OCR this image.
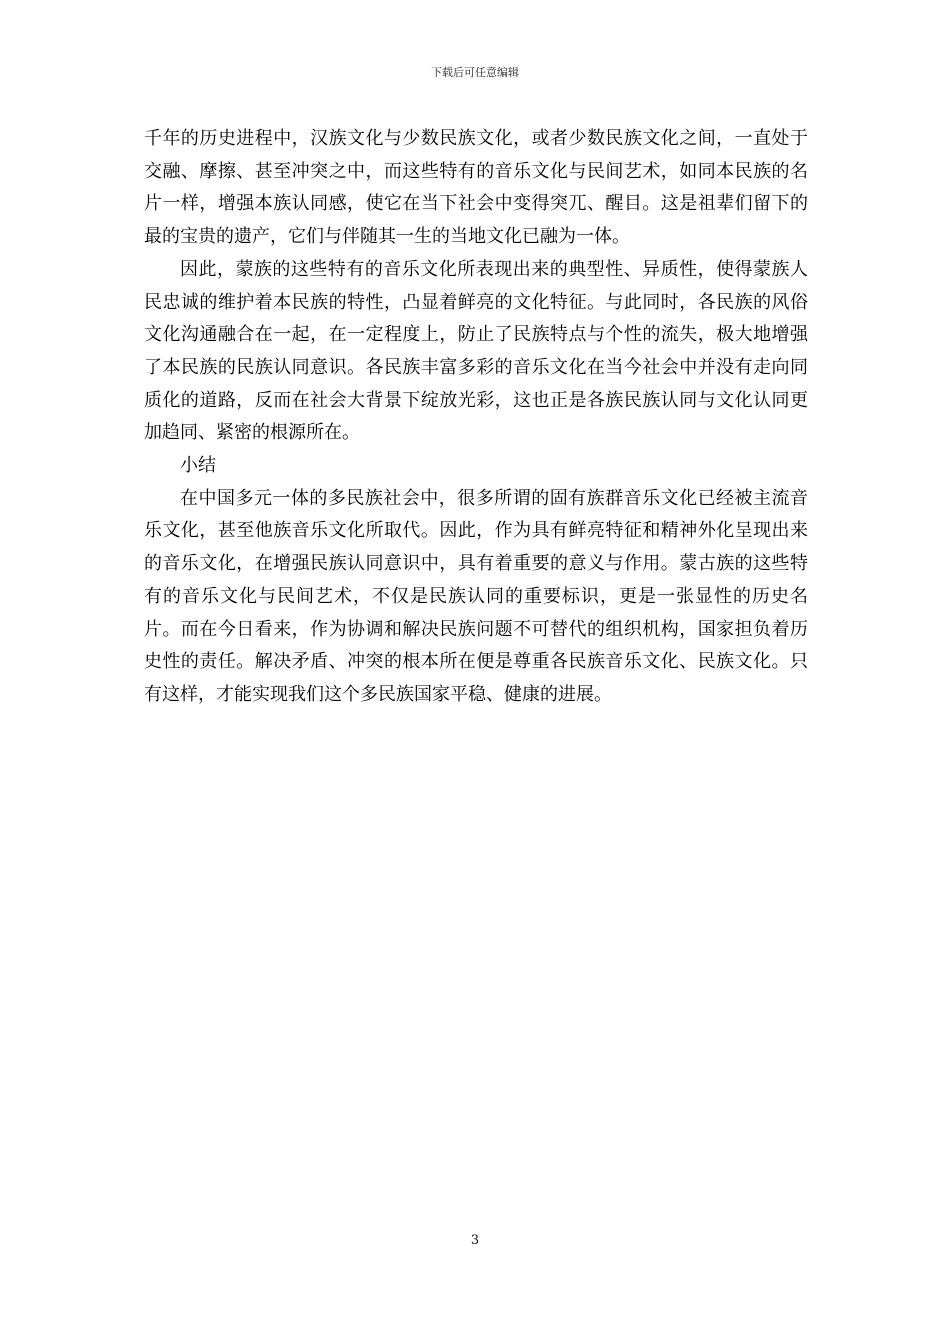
下载后可任意编辑

千年的历史进程中，汉族文化与少数民族文化，或者少数民族文化之间，一直处于交融、摩擦、甚至冲突之中，而这些特有的音乐文化与民间艺术，如同本民族的名片一样，增强本族认同感，使它在当下社会中变得突兀、醒目。这是祖辈们留下的最的宝贵的遗产，它们与伴随其一生的当地文化已融为一体。

因此，蒙族的这些特有的音乐文化所表现出来的典型性、异质性，使得蒙族人民忠诚的维护着本民族的特性，凸显着鲜亮的文化特征。与此同时，各民族的风俗文化沟通融合在一起，在一定程度上，防止了民族特点与个性的流失，极大地增强了本民族的民族认同意识。各民族丰富多彩的音乐文化在当今社会中并没有走向同质化的道路，反而在社会大背景下绽放光彩，这也正是各族民族认同与文化认同更加趋同、紧密的根源所在。

小结

在中国多元一体的多民族社会中，很多所谓的固有族群音乐文化已经被主流音乐文化，甚至他族音乐文化所取代。因此，作为具有鲜亮特征和精神外化呈现出来的音乐文化，在增强民族认同意识中，具有着重要的意义与作用。蒙古族的这些特有的音乐文化与民间艺术，不仅是民族认同的重要标识，更是一张显性的历史名片。而在今日看来，作为协调和解决民族问题不可替代的组织机构，国家担负着历史性的责任。解决矛盾、冲突的根本所在便是尊重各民族音乐文化、民族文化。只有这样，才能实现我们这个多民族国家平稳、健康的进展。

3
